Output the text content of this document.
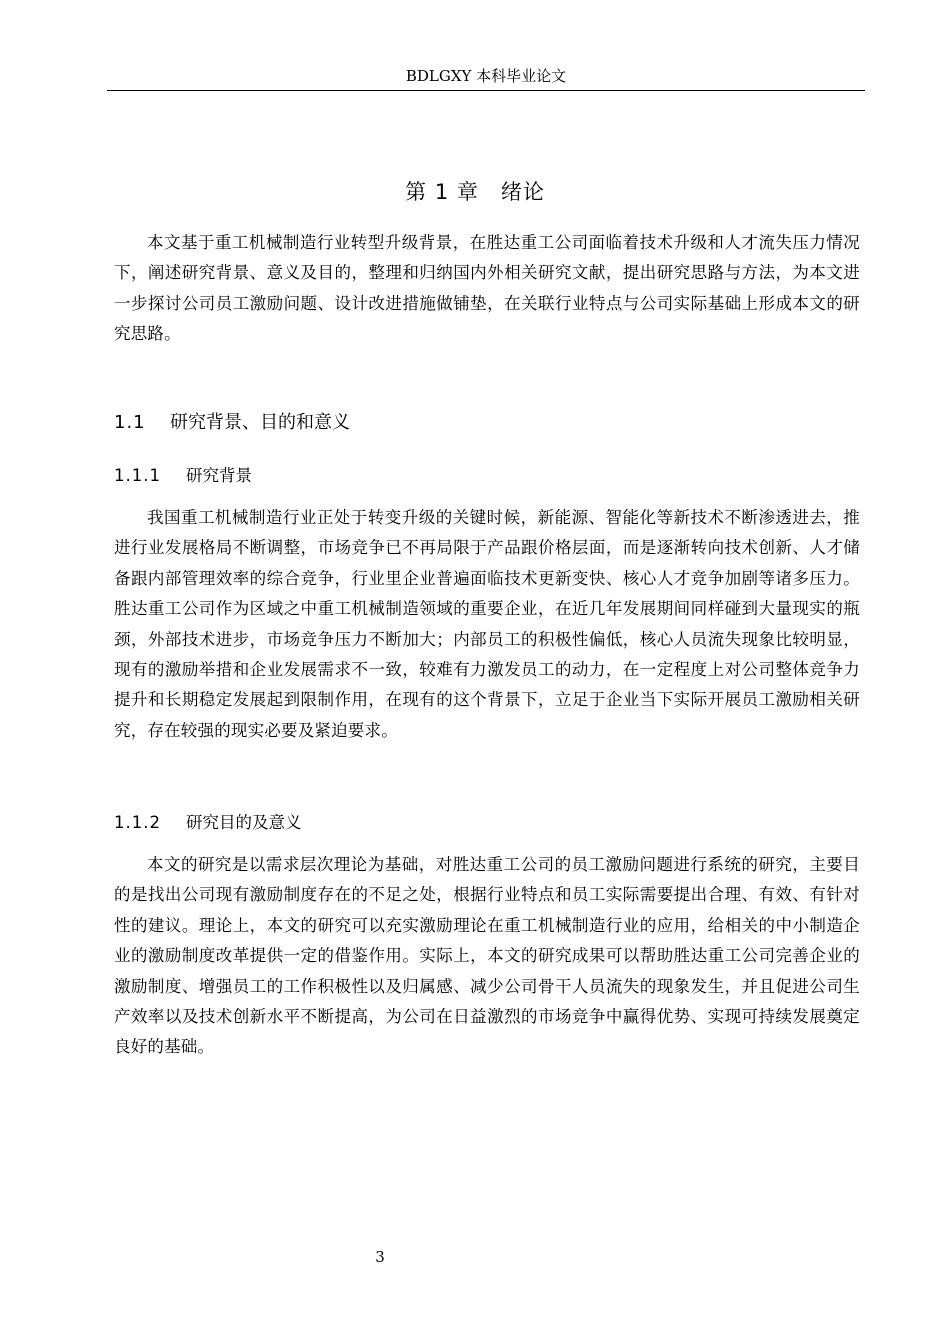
BDLGXY 本科毕业论文
第 1 章 绪论

本文基于重工机械制造行业转型升级背景，在胜达重工公司面临着技术升级和人才流失压力情况下，阐述研究背景、意义及目的，整理和归纳国内外相关研究文献，提出研究思路与方法，为本文进一步探讨公司员工激励问题、设计改进措施做铺垫，在关联行业特点与公司实际基础上形成本文的研究思路。

1.1 研究背景、目的和意义
1.1.1 研究背景

我国重工机械制造行业正处于转变升级的关键时候，新能源、智能化等新技术不断渗透进去，推进行业发展格局不断调整，市场竞争已不再局限于产品跟价格层面，而是逐渐转向技术创新、人才储备跟内部管理效率的综合竞争，行业里企业普遍面临技术更新变快、核心人才竞争加剧等诸多压力。胜达重工公司作为区域之中重工机械制造领域的重要企业，在近几年发展期间同样碰到大量现实的瓶颈，外部技术进步，市场竞争压力不断加大；内部员工的积极性偏低，核心人员流失现象比较明显，现有的激励举措和企业发展需求不一致，较难有力激发员工的动力，在一定程度上对公司整体竞争力提升和长期稳定发展起到限制作用，在现有的这个背景下，立足于企业当下实际开展员工激励相关研究，存在较强的现实必要及紧迫要求。

1.1.2 研究目的及意义

本文的研究是以需求层次理论为基础，对胜达重工公司的员工激励问题进行系统的研究，主要目的是找出公司现有激励制度存在的不足之处，根据行业特点和员工实际需要提出合理、有效、有针对性的建议。理论上，本文的研究可以充实激励理论在重工机械制造行业的应用，给相关的中小制造企业的激励制度改革提供一定的借鉴作用。实际上，本文的研究成果可以帮助胜达重工公司完善企业的激励制度、增强员工的工作积极性以及归属感、减少公司骨干人员流失的现象发生，并且促进公司生产效率以及技术创新水平不断提高，为公司在日益激烈的市场竞争中赢得优势、实现可持续发展奠定良好的基础。

3
